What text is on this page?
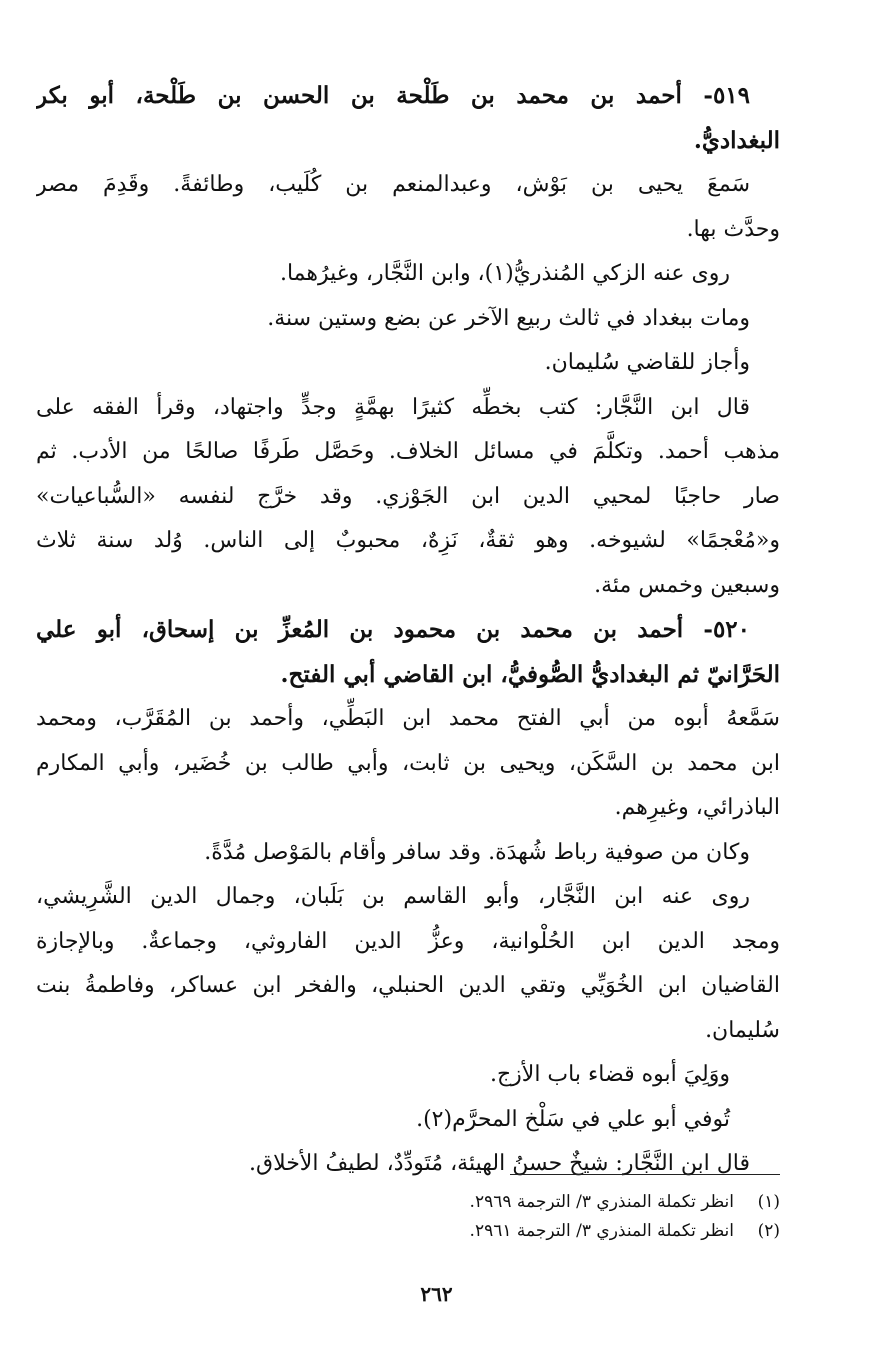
٥١٩- أحمد بن محمد بن طَلْحة بن الحسن بن طَلْحة، أبو بكر
البغداديُّ.
سَمعَ يحيى بن بَوْش، وعبدالمنعم بن كُلَيب، وطائفةً. وقَدِمَ مصر
وحدَّث بها.
روى عنه الزكي المُنذريُّ(١)، وابن النَّجَّار، وغيرُهما.
ومات ببغداد في ثالث ربيع الآخر عن بضع وستين سنة.
وأجاز للقاضي سُليمان.
قال ابن النَّجَّار: كتب بخطِّه كثيرًا بهمَّةٍ وجدٍّ واجتهاد، وقرأ الفقه على
مذهب أحمد. وتكلَّمَ في مسائل الخلاف. وحَصَّل طَرفًا صالحًا من الأدب. ثم
صار حاجبًا لمحيي الدين ابن الجَوْزي. وقد خرَّج لنفسه «السُّباعيات»
و«مُعْجمًا» لشيوخه. وهو ثقةٌ، نَزِهٌ، محبوبٌ إلى الناس. وُلد سنة ثلاث
وسبعين وخمس مئة.
٥٢٠- أحمد بن محمد بن محمود بن المُعزِّ بن إسحاق، أبو علي
الحَرَّانيّ ثم البغداديُّ الصُّوفيُّ، ابن القاضي أبي الفتح.
سَمَّعهُ أبوه من أبي الفتح محمد ابن البَطِّي، وأحمد بن المُقَرَّب، ومحمد
ابن محمد بن السَّكَن، ويحيى بن ثابت، وأبي طالب بن خُضَير، وأبي المكارم
الباذرائي، وغيرِهم.
وكان من صوفية رباط شُهدَة. وقد سافر وأقام بالمَوْصل مُدَّةً.
روى عنه ابن النَّجَّار، وأبو القاسم بن بَلَبان، وجمال الدين الشَّرِيشي،
ومجد الدين ابن الحُلْوانية، وعزُّ الدين الفاروثي، وجماعةٌ. وبالإجازة
القاضيان ابن الخُوَيِّي وتقي الدين الحنبلي، والفخر ابن عساكر، وفاطمةُ بنت
سُليمان.
ووَلِيَ أبوه قضاء باب الأزج.
تُوفي أبو علي في سَلْخ المحرَّم(٢).
قال ابن النَّجَّار: شيخٌ حسنُ الهيئة، مُتَودِّدٌ، لطيفُ الأخلاق.
(١)انظر تكملة المنذري ٣/ الترجمة ٢٩٦٩.
(٢)انظر تكملة المنذري ٣/ الترجمة ٢٩٦١.
٢٦٢
